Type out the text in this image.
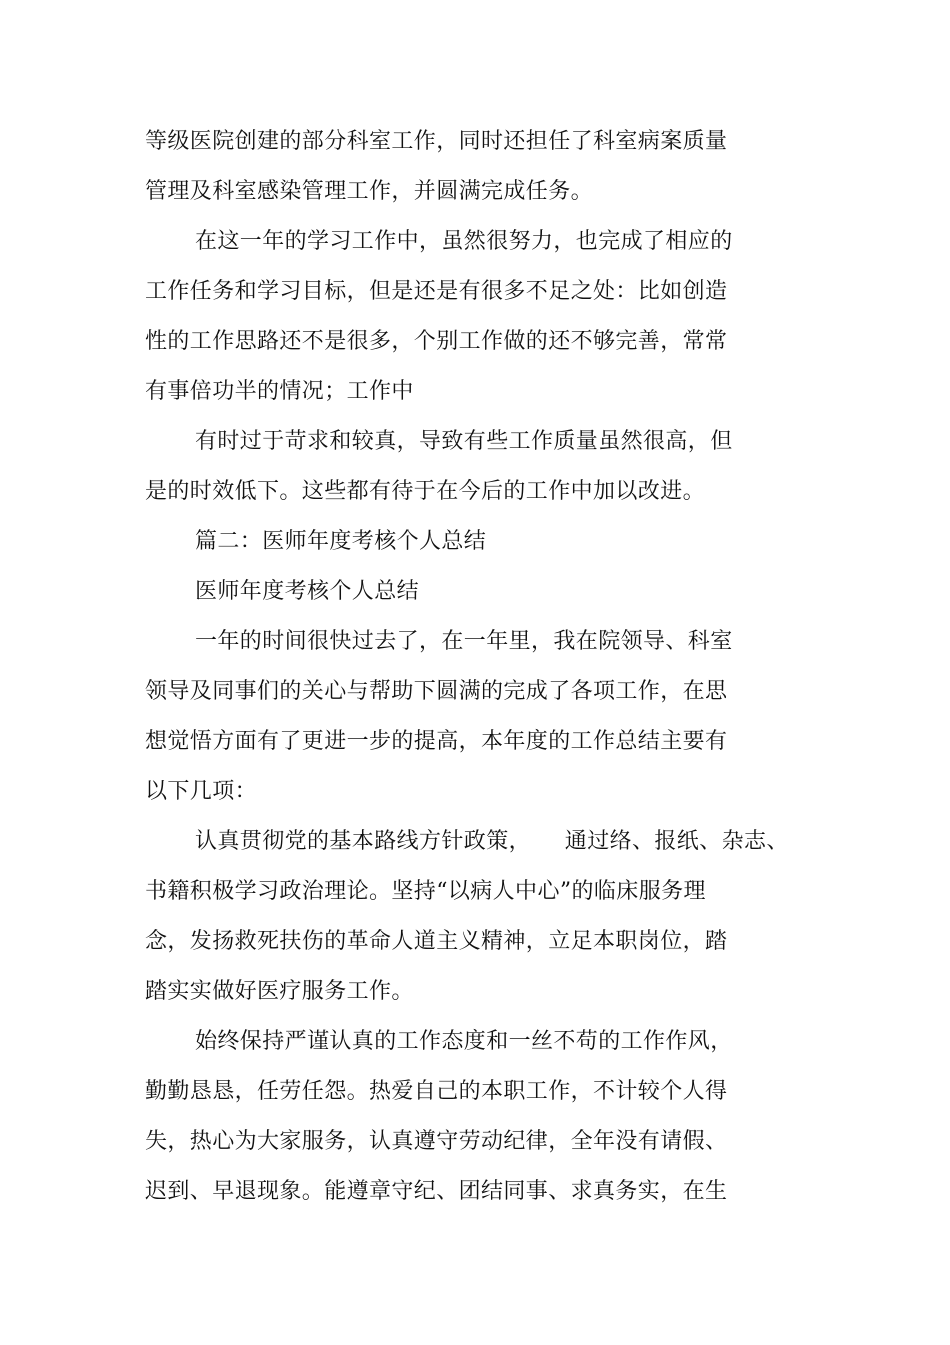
等级医院创建的部分科室工作，同时还担任了科室病案质量
管理及科室感染管理工作，并圆满完成任务。
在这一年的学习工作中，虽然很努力，也完成了相应的
工作任务和学习目标，但是还是有很多不足之处：比如创造
性的工作思路还不是很多，个别工作做的还不够完善，常常
有事倍功半的情况；工作中
有时过于苛求和较真，导致有些工作质量虽然很高，但
是的时效低下。这些都有待于在今后的工作中加以改进。
篇二：医师年度考核个人总结
医师年度考核个人总结
一年的时间很快过去了，在一年里，我在院领导、科室
领导及同事们的关心与帮助下圆满的完成了各项工作，在思
想觉悟方面有了更进一步的提高，本年度的工作总结主要有
以下几项：
认真贯彻党的基本路线方针政策，　　通过络、报纸、杂志、
书籍积极学习政治理论。坚持“以病人中心”的临床服务理
念，发扬救死扶伤的革命人道主义精神，立足本职岗位，踏
踏实实做好医疗服务工作。
始终保持严谨认真的工作态度和一丝不苟的工作作风，
勤勤恳恳，任劳任怨。热爱自己的本职工作，不计较个人得
失，热心为大家服务，认真遵守劳动纪律，全年没有请假、
迟到、早退现象。能遵章守纪、团结同事、求真务实，在生
